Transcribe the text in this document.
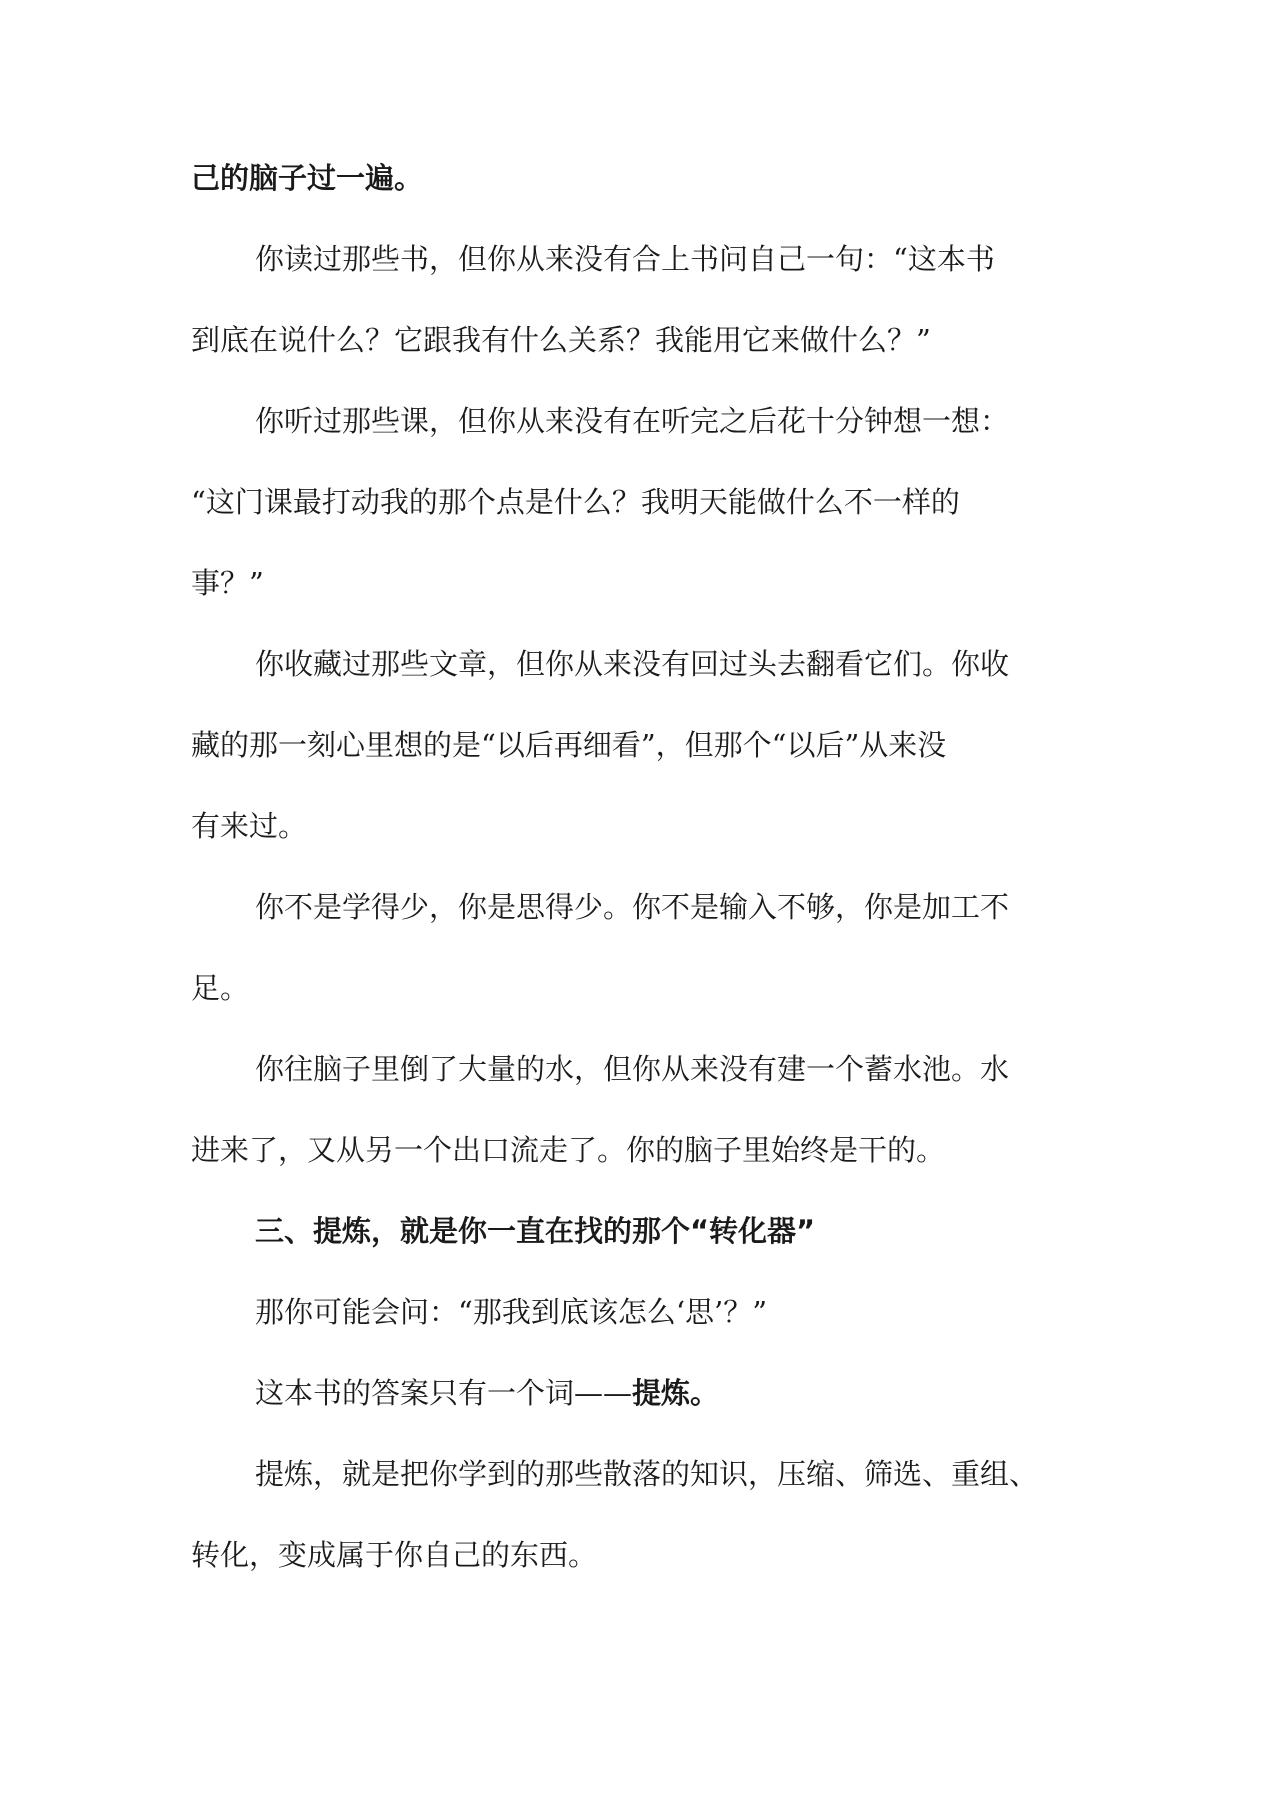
己的脑子过一遍。
你读过那些书，但你从来没有合上书问自己一句：“这本书
到底在说什么？它跟我有什么关系？我能用它来做什么？”
你听过那些课，但你从来没有在听完之后花十分钟想一想：
“这门课最打动我的那个点是什么？我明天能做什么不一样的
事？”
你收藏过那些文章，但你从来没有回过头去翻看它们。你收
藏的那一刻心里想的是“以后再细看”，但那个“以后”从来没
有来过。
你不是学得少，你是思得少。你不是输入不够，你是加工不
足。
你往脑子里倒了大量的水，但你从来没有建一个蓄水池。水
进来了，又从另一个出口流走了。你的脑子里始终是干的。
三、提炼，就是你一直在找的那个“转化器”
那你可能会问：“那我到底该怎么‘思’？”
这本书的答案只有一个词——提炼。
提炼，就是把你学到的那些散落的知识，压缩、筛选、重组、
转化，变成属于你自己的东西。
